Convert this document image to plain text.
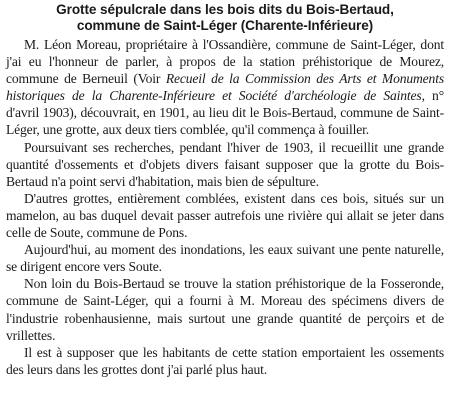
Grotte sépulcrale dans les bois dits du Bois-Bertaud,
commune de Saint-Léger (Charente-Inférieure)

M. Léon Moreau, propriétaire à l'Ossandière, commune de Saint-Léger, dont j'ai eu l'honneur de parler, à propos de la station préhistorique de Mourez, commune de Berneuil (Voir Recueil de la Commission des Arts et Monuments historiques de la Charente-Inférieure et Société d'archéologie de Saintes, n° d'avril 1903), découvrait, en 1901, au lieu dit le Bois-Bertaud, commune de Saint-Léger, une grotte, aux deux tiers comblée, qu'il commença à fouiller.

Poursuivant ses recherches, pendant l'hiver de 1903, il recueillit une grande quantité d'ossements et d'objets divers faisant supposer que la grotte du Bois-Bertaud n'a point servi d'habitation, mais bien de sépulture.

D'autres grottes, entièrement comblées, existent dans ces bois, situés sur un mamelon, au bas duquel devait passer autrefois une rivière qui allait se jeter dans celle de Soute, commune de Pons.

Aujourd'hui, au moment des inondations, les eaux suivant une pente naturelle, se dirigent encore vers Soute.

Non loin du Bois-Bertaud se trouve la station préhistorique de la Fosseronde, commune de Saint-Léger, qui a fourni à M. Moreau des spécimens divers de l'industrie robenhausienne, mais surtout une grande quantité de perçoirs et de vrillettes.

Il est à supposer que les habitants de cette station emportaient les ossements des leurs dans les grottes dont j'ai parlé plus haut.
